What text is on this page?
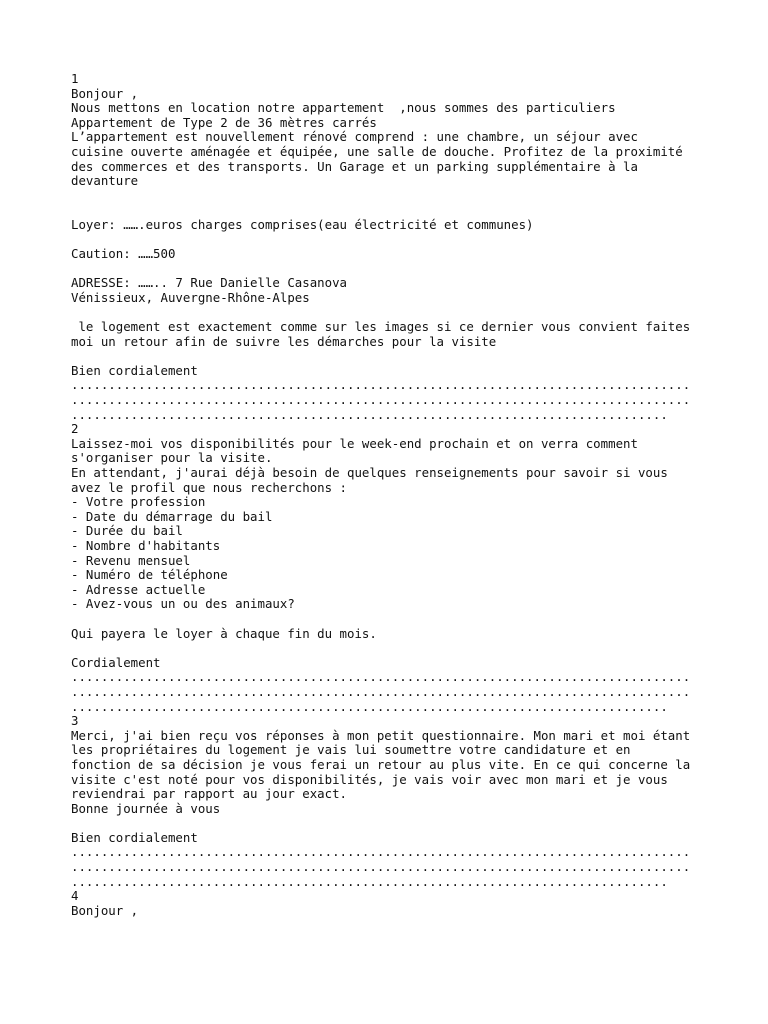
1
Bonjour ,
Nous mettons en location notre appartement  ,nous sommes des particuliers
Appartement de Type 2 de 36 mètres carrés
L’appartement est nouvellement rénové comprend : une chambre, un séjour avec
cuisine ouverte aménagée et équipée, une salle de douche. Profitez de la proximité
des commerces et des transports. Un Garage et un parking supplémentaire à la
devanture
Loyer: …….euros charges comprises(eau électricité et communes)
Caution: ……500
ADRESSE: …….. 7 Rue Danielle Casanova
Vénissieux, Auvergne-Rhône-Alpes
le logement est exactement comme sur les images si ce dernier vous convient faites
moi un retour afin de suivre les démarches pour la visite
Bien cordialement
...................................................................................
...................................................................................
................................................................................
2
Laissez-moi vos disponibilités pour le week-end prochain et on verra comment
s'organiser pour la visite.
En attendant, j'aurai déjà besoin de quelques renseignements pour savoir si vous
avez le profil que nous recherchons :
- Votre profession
- Date du démarrage du bail
- Durée du bail
- Nombre d'habitants
- Revenu mensuel
- Numéro de téléphone
- Adresse actuelle
- Avez-vous un ou des animaux?
Qui payera le loyer à chaque fin du mois.
Cordialement
...................................................................................
...................................................................................
................................................................................
3
Merci, j'ai bien reçu vos réponses à mon petit questionnaire. Mon mari et moi étant
les propriétaires du logement je vais lui soumettre votre candidature et en
fonction de sa décision je vous ferai un retour au plus vite. En ce qui concerne la
visite c'est noté pour vos disponibilités, je vais voir avec mon mari et je vous
reviendrai par rapport au jour exact.
Bonne journée à vous
Bien cordialement
...................................................................................
...................................................................................
................................................................................
4
Bonjour ,
